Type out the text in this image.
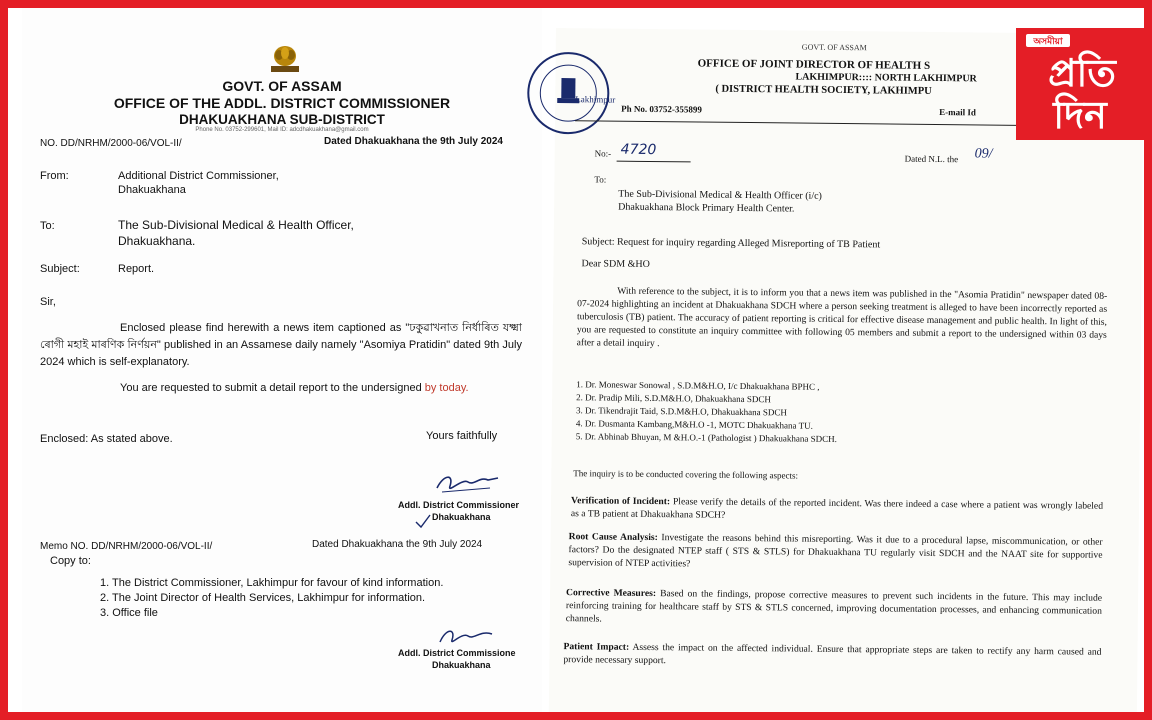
GOVT. OF ASSAM
OFFICE OF THE ADDL. DISTRICT COMMISSIONER
DHAKUAKHANA SUB-DISTRICT
Phone No. 03752-299601, Mail ID: adcdhakuakhana@gmail.com
NO. DD/NRHM/2000-06/VOL-II/	Dated Dhakuakhana the 9th July 2024
From:	Additional District Commissioner,
Dhakuakhana
To:	The Sub-Divisional Medical & Health Officer,
Dhakuakhana.
Subject:	Report.
Sir,
Enclosed please find herewith a news item captioned as "ঢকুৱাখনাত নিৰ্ধাৰিত যক্ষ্মা ৰোগী মহাই মাৰণিক নিৰ্ণয়ন" published in an Assamese daily namely "Asomiya Pratidin" dated 9th July 2024 which is self-explanatory.
You are requested to submit a detail report to the undersigned by today.
Enclosed: As stated above.	Yours faithfully
Addl. District Commissioner
Dhakuakhana
Memo NO. DD/NRHM/2000-06/VOL-II/	Dated Dhakuakhana the 9th July 2024
Copy to:
1. The District Commissioner, Lakhimpur for favour of kind information.
2. The Joint Director of Health Services, Lakhimpur for information.
3. Office file
Addl. District Commissione
Dhakuakhana
Lakhimpur
GOVT. OF ASSAM
OFFICE OF JOINT DIRECTOR OF HEALTH S
LAKHIMPUR:::: NORTH LAKHIMPUR
( DISTRICT HEALTH SOCIETY, LAKHIMPU
Ph No. 03752-355899	E-mail Id
No:- 4720
Dated N.L. the 09/
To:
The Sub-Divisional Medical & Health Officer (i/c)
Dhakuakhana Block Primary Health Center.
Subject: Request for inquiry regarding Alleged Misreporting of TB Patient
Dear SDM &HO
With reference to the subject, it is to inform you that a news item was published in the "Asomia Pratidin" newspaper dated 08-07-2024 highlighting an incident at Dhakuakhana SDCH where a person seeking treatment is alleged to have been incorrectly reported as tuberculosis (TB) patient. The accuracy of patient reporting is critical for effective disease management and public health. In light of this, you are requested to constitute an inquiry committee with following 05 members and submit a report to the undersigned within 03 days after a detail inquiry .
1. Dr. Moneswar Sonowal , S.D.M&H.O, I/c Dhakuakhana BPHC ,
2. Dr. Pradip Mili, S.D.M&H.O, Dhakuakhana SDCH
3. Dr. Tikendrajit Taid, S.D.M&H.O, Dhakuakhana SDCH
4. Dr. Dusmanta Kambang,M&H.O -1, MOTC Dhakuakhana TU.
5. Dr. Abhinab Bhuyan, M &H.O.-1 (Pathologist ) Dhakuakhana SDCH.
The inquiry is to be conducted covering the following aspects:
Verification of Incident: Please verify the details of the reported incident. Was there indeed a case where a patient was wrongly labeled as a TB patient at Dhakuakhana SDCH?
Root Cause Analysis: Investigate the reasons behind this misreporting. Was it due to a procedural lapse, miscommunication, or other factors? Do the designated NTEP staff ( STS & STLS) for Dhakuakhana TU regularly visit SDCH and the NAAT site for supportive supervision of NTEP activities?
Corrective Measures: Based on the findings, propose corrective measures to prevent such incidents in the future. This may include reinforcing training for healthcare staff by STS & STLS concerned, improving documentation processes, and enhancing communication channels.
Patient Impact: Assess the impact on the affected individual. Ensure that appropriate steps are taken to rectify any harm caused and provide necessary support.
অসমীয়া
প্ৰতি
দিন
